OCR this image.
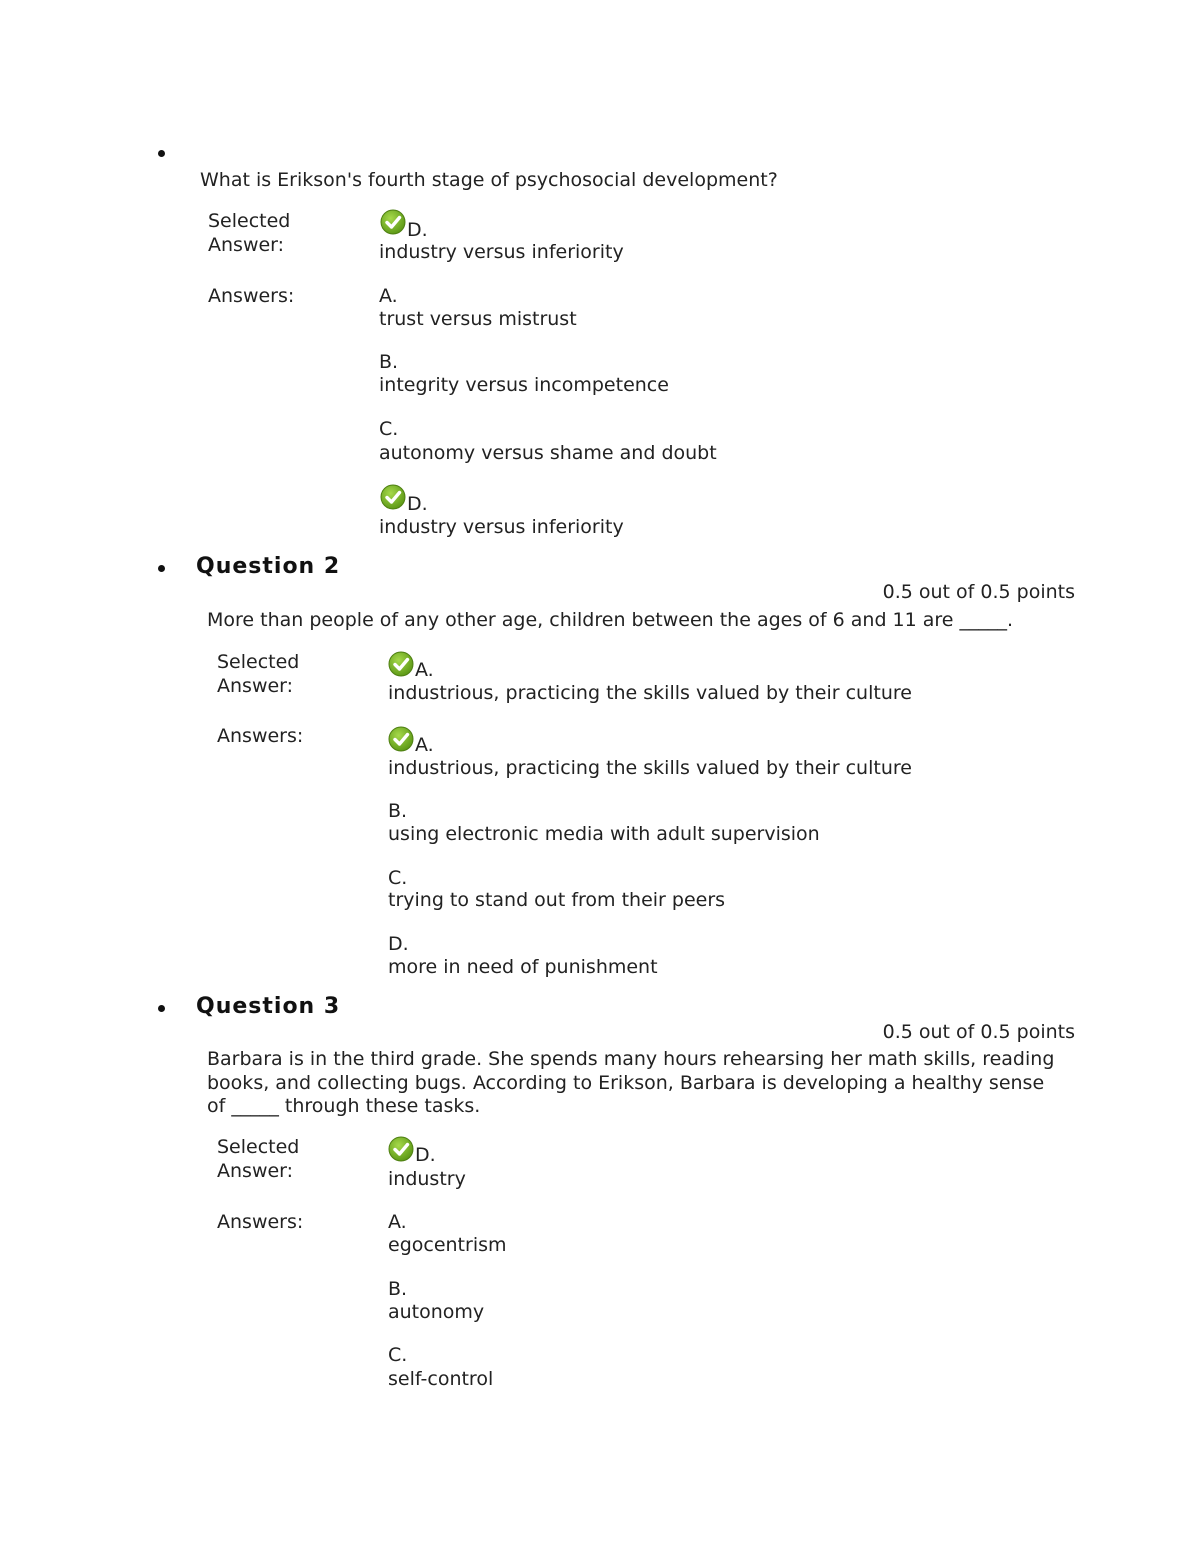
What is Erikson's fourth stage of psychosocial development?
Selected
Answer:
D.
industry versus inferiority
Answers:	A.
trust versus mistrust
B.
integrity versus incompetence
C.
autonomy versus shame and doubt
D.
industry versus inferiority
Question 2
0.5 out of 0.5 points
More than people of any other age, children between the ages of 6 and 11 are _____.
Selected
Answer:
A.
industrious, practicing the skills valued by their culture
Answers:	A.
industrious, practicing the skills valued by their culture
B.
using electronic media with adult supervision
C.
trying to stand out from their peers
D.
more in need of punishment
Question 3
0.5 out of 0.5 points
Barbara is in the third grade. She spends many hours rehearsing her math skills, reading
books, and collecting bugs. According to Erikson, Barbara is developing a healthy sense
of _____ through these tasks.
Selected
Answer:
D.
industry
Answers:	A.
egocentrism
B.
autonomy
C.
self-control
